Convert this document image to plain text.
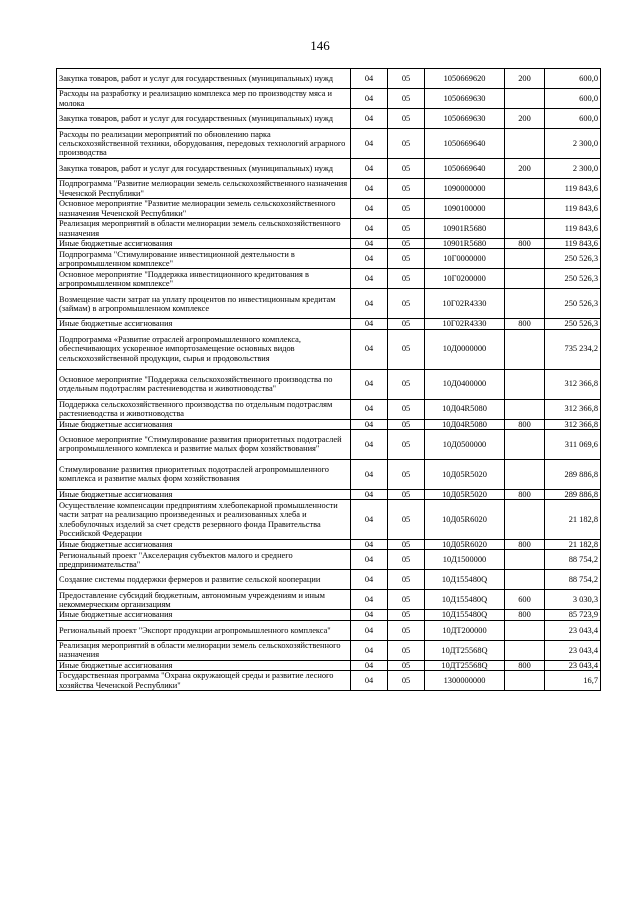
146
Закупка товаров, работ и услуг для государственных (муниципальных) нужд	04	05	1050669620	200	600,0
Расходы на разработку и реализацию комплекса мер по производству мяса и молока	04	05	1050669630		600,0
Закупка товаров, работ и услуг для государственных (муниципальных) нужд	04	05	1050669630	200	600,0
Расходы по реализации мероприятий по обновлению парка сельскохозяйственной техники, оборудования, передовых технологий аграрного производства	04	05	1050669640		2 300,0
Закупка товаров, работ и услуг для государственных (муниципальных) нужд	04	05	1050669640	200	2 300,0
Подпрограмма "Развитие мелиорации земель сельскохозяйственного назначения Чеченской Республики"	04	05	1090000000		119 843,6
Основное мероприятие "Развитие мелиорации земель сельскохозяйственного назначения Чеченской Республики"	04	05	1090100000		119 843,6
Реализация мероприятий в области мелиорации земель сельскохозяйственного назначения	04	05	10901R5680		119 843,6
Иные бюджетные ассигнования	04	05	10901R5680	800	119 843,6
Подпрограмма "Стимулирование инвестиционной деятельности в агропромышленном комплексе"	04	05	10Г0000000		250 526,3
Основное мероприятие "Поддержка инвестиционного кредитования в агропромышленном комплексе"	04	05	10Г0200000		250 526,3
Возмещение части затрат на уплату процентов по инвестиционным кредитам (займам) в агропромышленном комплексе	04	05	10Г02R4330		250 526,3
Иные бюджетные ассигнования	04	05	10Г02R4330	800	250 526,3
Подпрограмма «Развитие отраслей агропромышленного комплекса, обеспечивающих ускоренное импортозамещение основных видов сельскохозяйственной продукции, сырья и продовольствия	04	05	10Д0000000		735 234,2
Основное мероприятие "Поддержка сельскохозяйственного производства по отдельным подотраслям растениеводства и животноводства"	04	05	10Д0400000		312 366,8
Поддержка сельскохозяйственного производства по отдельным подотраслям растениеводства и животноводства	04	05	10Д04R5080		312 366,8
Иные бюджетные ассигнования	04	05	10Д04R5080	800	312 366,8
Основное мероприятие "Стимулирование развития приоритетных подотраслей агропромышленного комплекса и развитие малых форм хозяйствования"	04	05	10Д0500000		311 069,6
Стимулирование развития приоритетных подотраслей агропромышленного комплекса и развитие малых форм хозяйствования	04	05	10Д05R5020		289 886,8
Иные бюджетные ассигнования	04	05	10Д05R5020	800	289 886,8
Осуществление компенсации предприятиям хлебопекарной промышленности части затрат на реализацию произведенных и реализованных хлеба и хлебобулочных изделий за счет средств резервного фонда Правительства Российской Федерации	04	05	10Д05R6020		21 182,8
Иные бюджетные ассигнования	04	05	10Д05R6020	800	21 182,8
Региональный проект "Акселерация субъектов малого и среднего предпринимательства"	04	05	10Д1500000		88 754,2
Создание системы поддержки фермеров и развитие сельской кооперации	04	05	10Д155480Q		88 754,2
Предоставление субсидий бюджетным, автономным учреждениям и иным некоммерческим организациям	04	05	10Д155480Q	600	3 030,3
Иные бюджетные ассигнования	04	05	10Д155480Q	800	85 723,9
Региональный проект "Экспорт продукции агропромышленного комплекса"	04	05	10ДТ200000		23 043,4
Реализация мероприятий в области мелиорации земель сельскохозяйственного назначения	04	05	10ДТ25568Q		23 043,4
Иные бюджетные ассигнования	04	05	10ДТ25568Q	800	23 043,4
Государственная программа "Охрана окружающей среды и развитие лесного хозяйства Чеченской Республики"	04	05	1300000000		16,7
